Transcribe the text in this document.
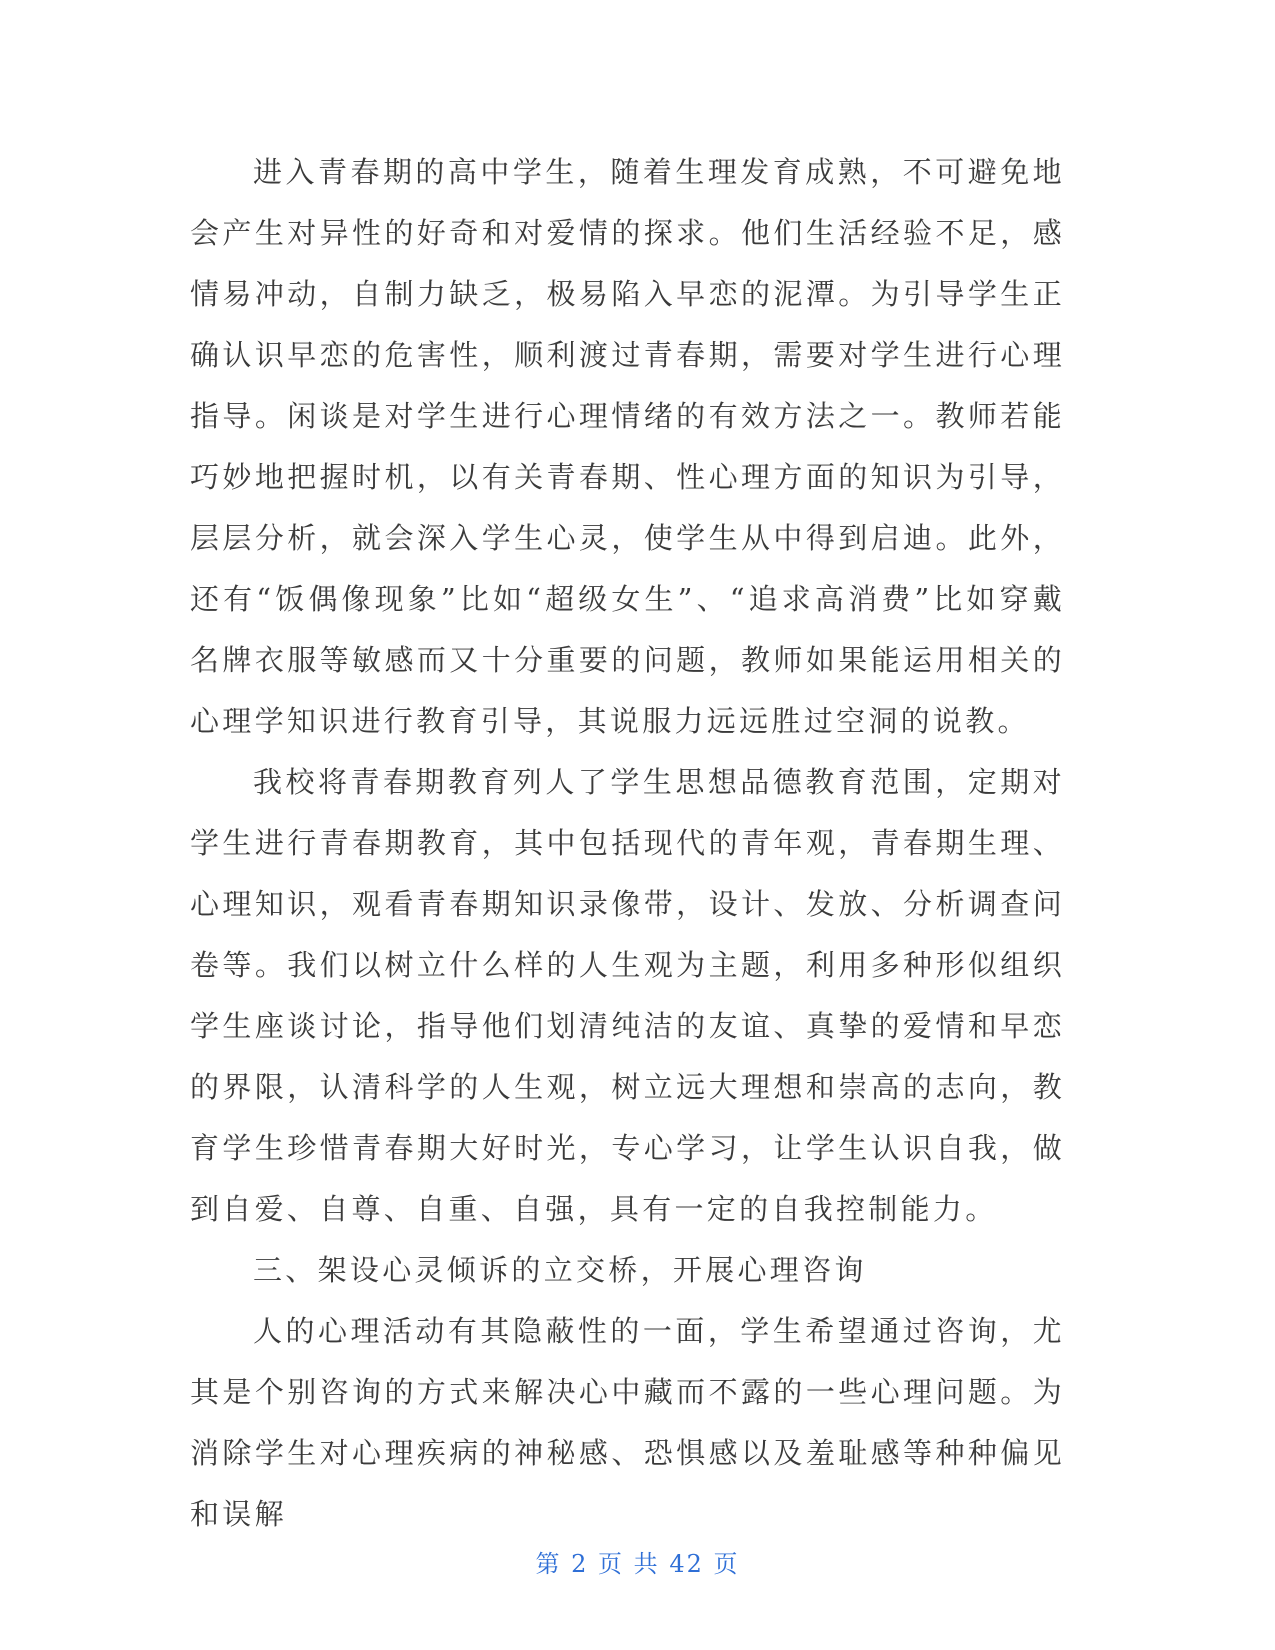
进入青春期的高中学生，随着生理发育成熟，不可避免地会产生对异性的好奇和对爱情的探求。他们生活经验不足，感情易冲动，自制力缺乏，极易陷入早恋的泥潭。为引导学生正确认识早恋的危害性，顺利渡过青春期，需要对学生进行心理指导。闲谈是对学生进行心理情绪的有效方法之一。教师若能巧妙地把握时机，以有关青春期、性心理方面的知识为引导，层层分析，就会深入学生心灵，使学生从中得到启迪。此外，还有“饭偶像现象”比如“超级女生”、“追求高消费”比如穿戴名牌衣服等敏感而又十分重要的问题，教师如果能运用相关的心理学知识进行教育引导，其说服力远远胜过空洞的说教。

我校将青春期教育列人了学生思想品德教育范围，定期对学生进行青春期教育，其中包括现代的青年观，青春期生理、心理知识，观看青春期知识录像带，设计、发放、分析调查问卷等。我们以树立什么样的人生观为主题，利用多种形似组织学生座谈讨论，指导他们划清纯洁的友谊、真挚的爱情和早恋的界限，认清科学的人生观，树立远大理想和崇高的志向，教育学生珍惜青春期大好时光，专心学习，让学生认识自我，做到自爱、自尊、自重、自强，具有一定的自我控制能力。

三、架设心灵倾诉的立交桥，开展心理咨询

人的心理活动有其隐蔽性的一面，学生希望通过咨询，尤其是个别咨询的方式来解决心中藏而不露的一些心理问题。为消除学生对心理疾病的神秘感、恐惧感以及羞耻感等种种偏见和误解

第 2 页 共 42 页
